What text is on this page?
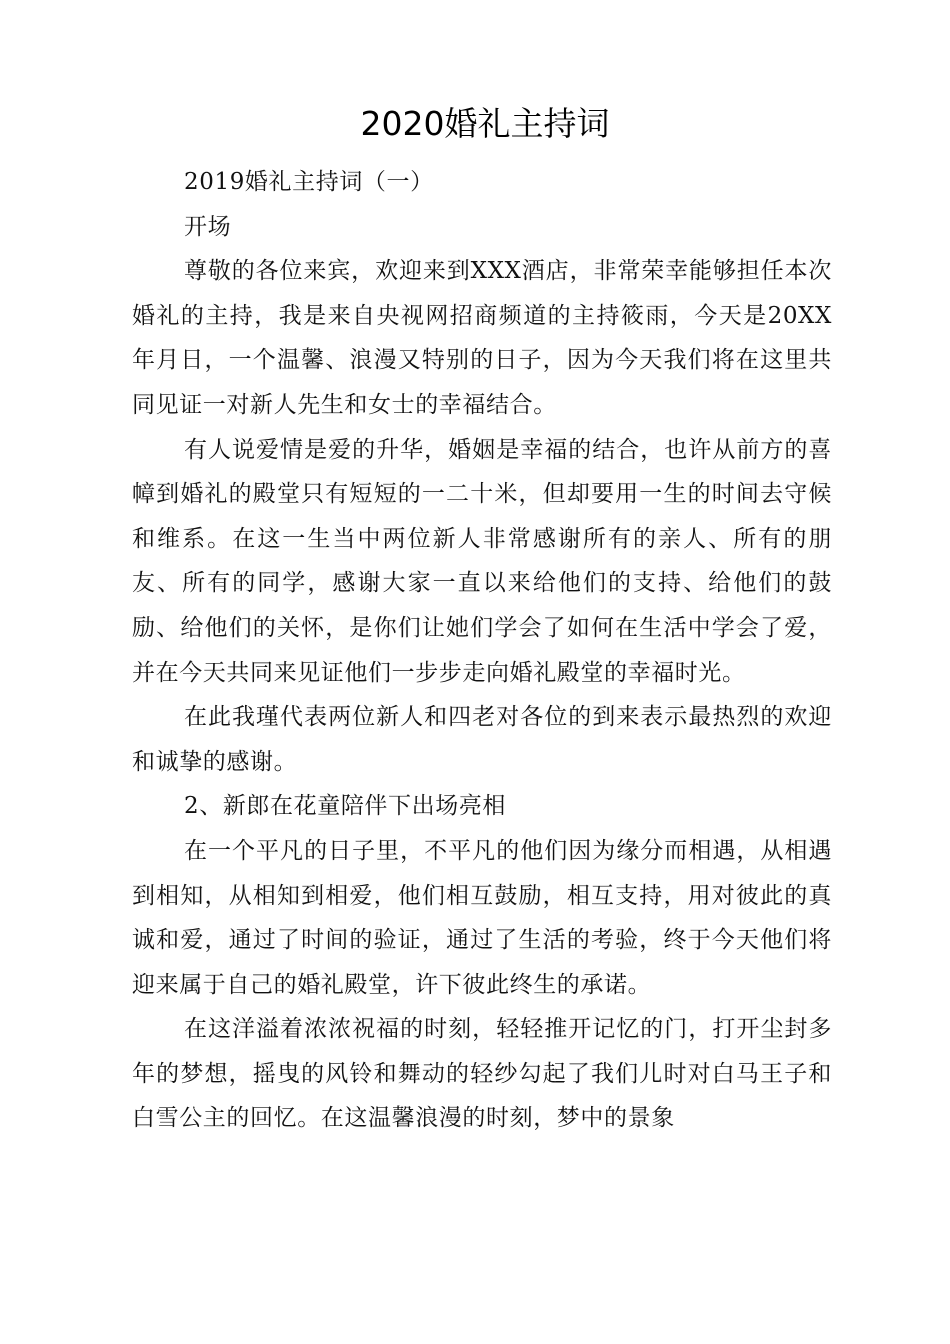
2020婚礼主持词

2019婚礼主持词（一）

开场

尊敬的各位来宾，欢迎来到XXX酒店，非常荣幸能够担任本次婚礼的主持，我是来自央视网招商频道的主持筱雨，今天是20XX年月日，一个温馨、浪漫又特别的日子，因为今天我们将在这里共同见证一对新人先生和女士的幸福结合。

有人说爱情是爱的升华，婚姻是幸福的结合，也许从前方的喜幛到婚礼的殿堂只有短短的一二十米，但却要用一生的时间去守候和维系。在这一生当中两位新人非常感谢所有的亲人、所有的朋友、所有的同学，感谢大家一直以来给他们的支持、给他们的鼓励、给他们的关怀，是你们让她们学会了如何在生活中学会了爱，并在今天共同来见证他们一步步走向婚礼殿堂的幸福时光。

在此我瑾代表两位新人和四老对各位的到来表示最热烈的欢迎和诚挚的感谢。

2、新郎在花童陪伴下出场亮相

在一个平凡的日子里，不平凡的他们因为缘分而相遇，从相遇到相知，从相知到相爱，他们相互鼓励，相互支持，用对彼此的真诚和爱，通过了时间的验证，通过了生活的考验，终于今天他们将迎来属于自己的婚礼殿堂，许下彼此终生的承诺。

在这洋溢着浓浓祝福的时刻，轻轻推开记忆的门，打开尘封多年的梦想，摇曳的风铃和舞动的轻纱勾起了我们儿时对白马王子和白雪公主的回忆。在这温馨浪漫的时刻，梦中的景象
